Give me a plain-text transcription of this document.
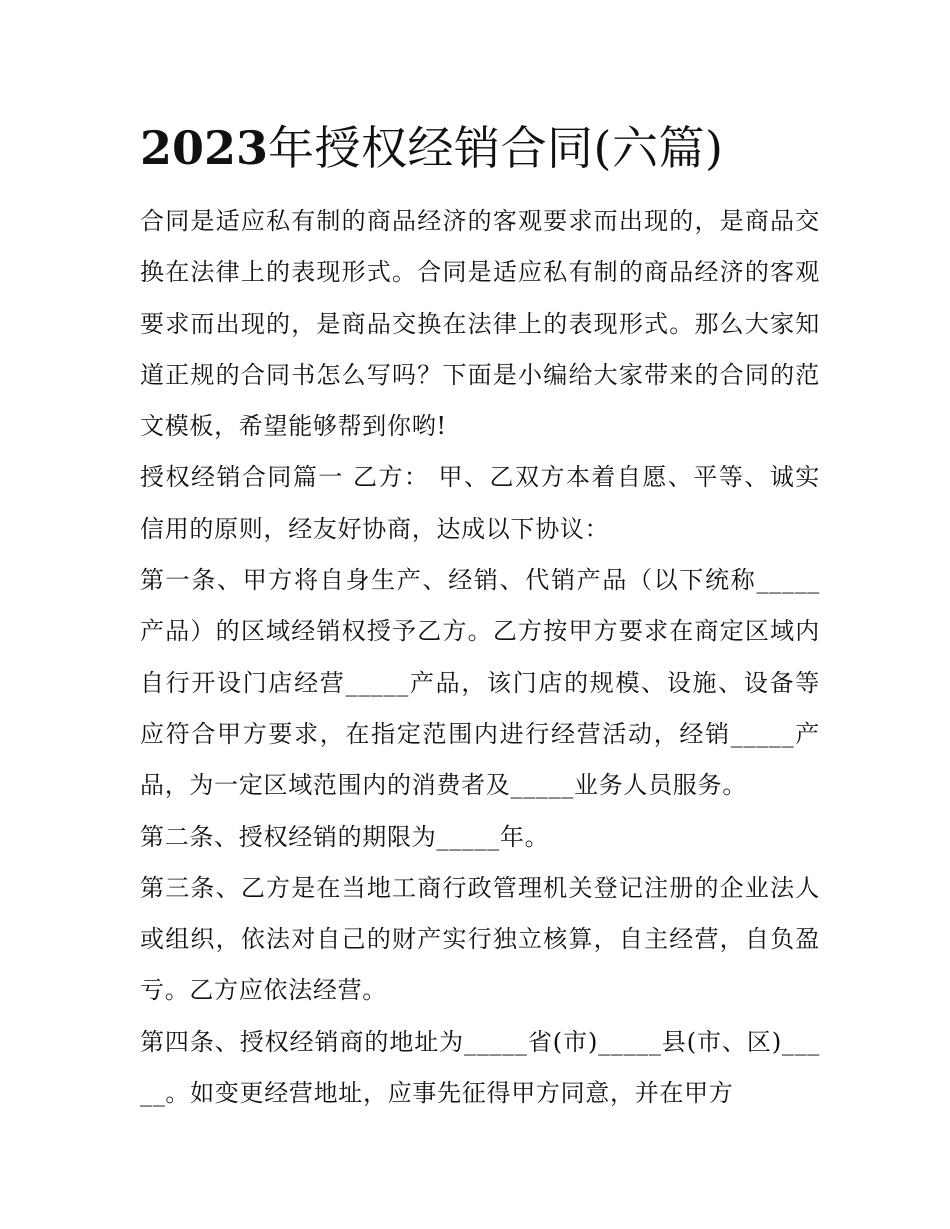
2023年授权经销合同(六篇)

合同是适应私有制的商品经济的客观要求而出现的，是商品交换在法律上的表现形式。合同是适应私有制的商品经济的客观要求而出现的，是商品交换在法律上的表现形式。那么大家知道正规的合同书怎么写吗？下面是小编给大家带来的合同的范文模板，希望能够帮到你哟!

授权经销合同篇一 乙方： 甲、乙双方本着自愿、平等、诚实信用的原则，经友好协商，达成以下协议：

第一条、甲方将自身生产、经销、代销产品（以下统称_____产品）的区域经销权授予乙方。乙方按甲方要求在商定区域内自行开设门店经营_____产品，该门店的规模、设施、设备等应符合甲方要求，在指定范围内进行经营活动，经销_____产品，为一定区域范围内的消费者及_____业务人员服务。

第二条、授权经销的期限为_____年。

第三条、乙方是在当地工商行政管理机关登记注册的企业法人或组织，依法对自己的财产实行独立核算，自主经营，自负盈亏。乙方应依法经营。

第四条、授权经销商的地址为_____省(市)_____县(市、区)_____。如变更经营地址，应事先征得甲方同意，并在甲方
